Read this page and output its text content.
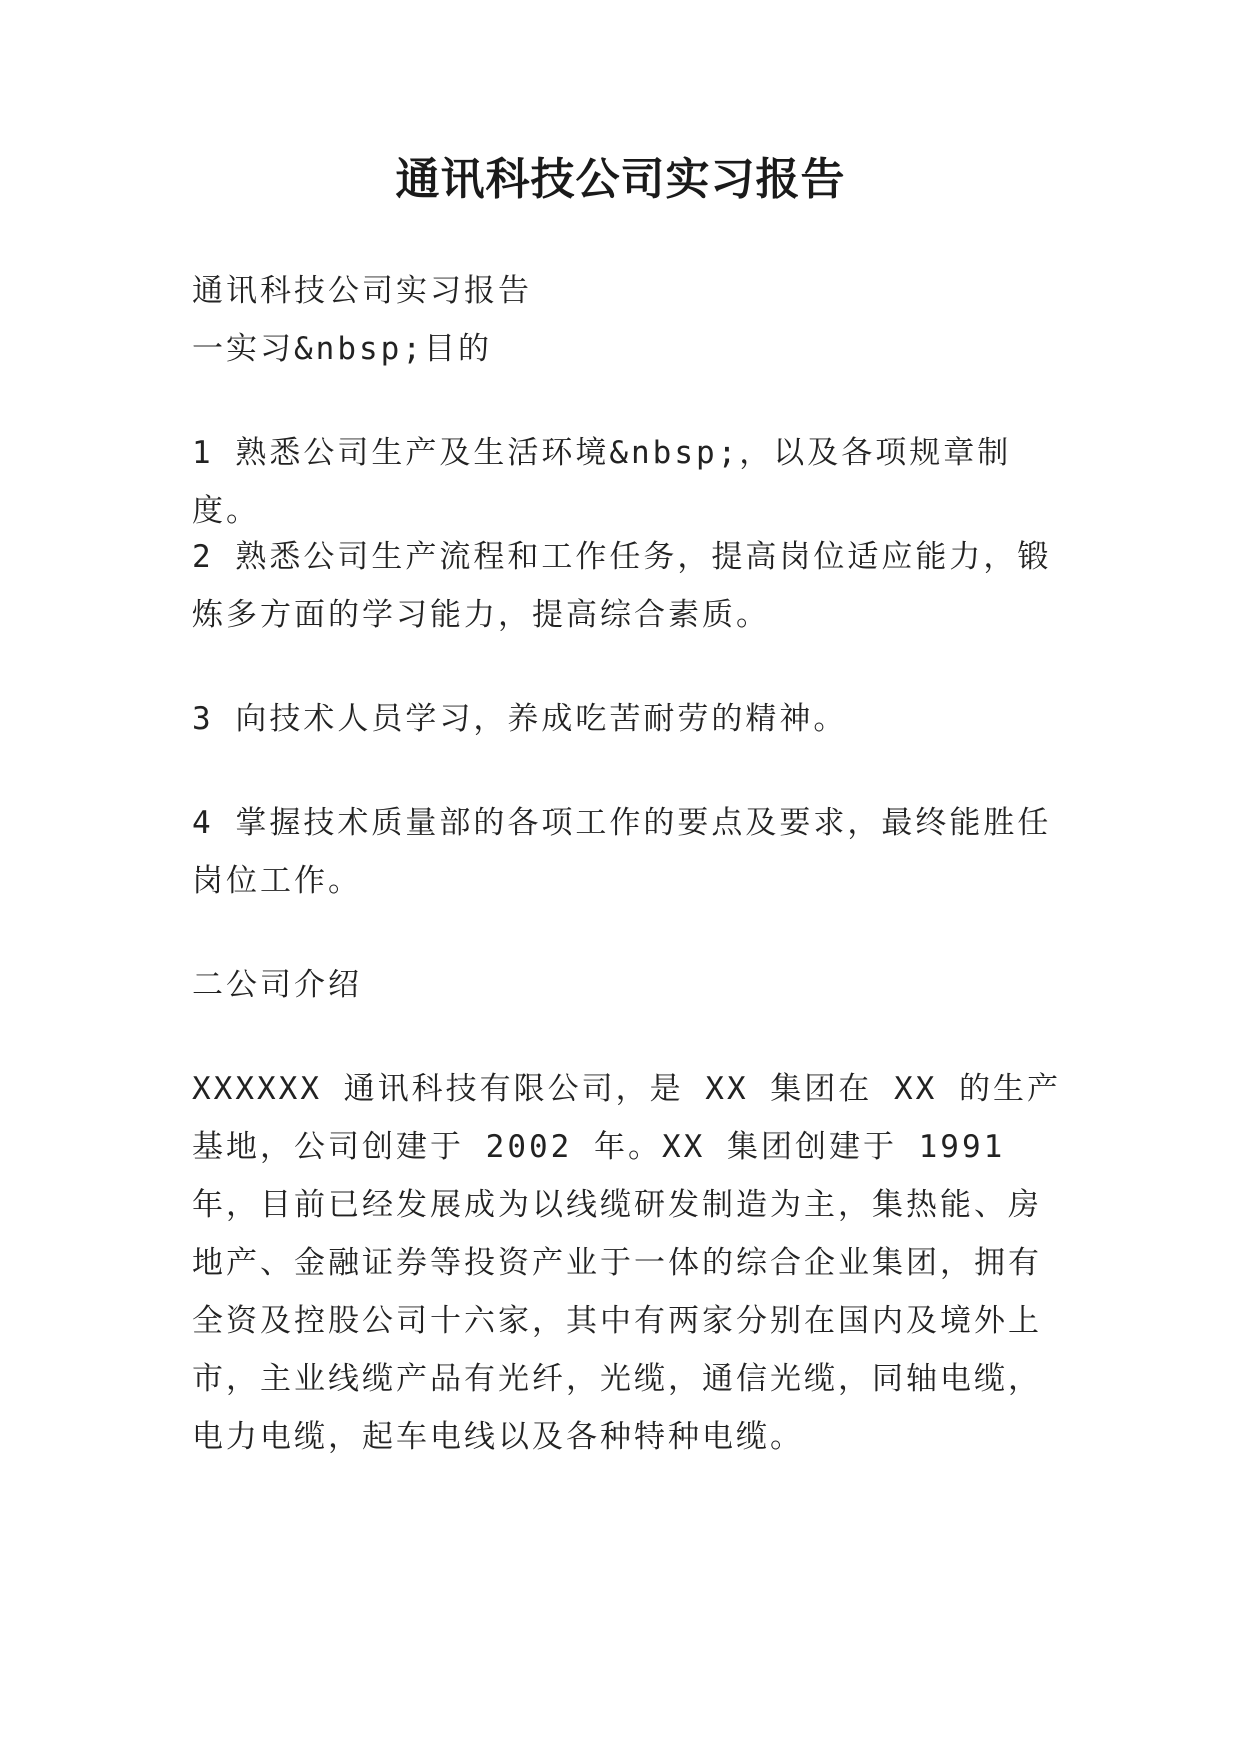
通讯科技公司实习报告

通讯科技公司实习报告

一实习&nbsp;目的

1 熟悉公司生产及生活环境&nbsp;，以及各项规章制度。

2 熟悉公司生产流程和工作任务，提高岗位适应能力，锻炼多方面的学习能力，提高综合素质。

3 向技术人员学习，养成吃苦耐劳的精神。

4 掌握技术质量部的各项工作的要点及要求，最终能胜任岗位工作。

二公司介绍

XXXXXX 通讯科技有限公司，是 XX 集团在 XX 的生产基地，公司创建于 2002 年。XX 集团创建于 1991 年，目前已经发展成为以线缆研发制造为主，集热能、房地产、金融证券等投资产业于一体的综合企业集团，拥有全资及控股公司十六家，其中有两家分别在国内及境外上市，主业线缆产品有光纤，光缆，通信光缆，同轴电缆，电力电缆，起车电线以及各种特种电缆。
